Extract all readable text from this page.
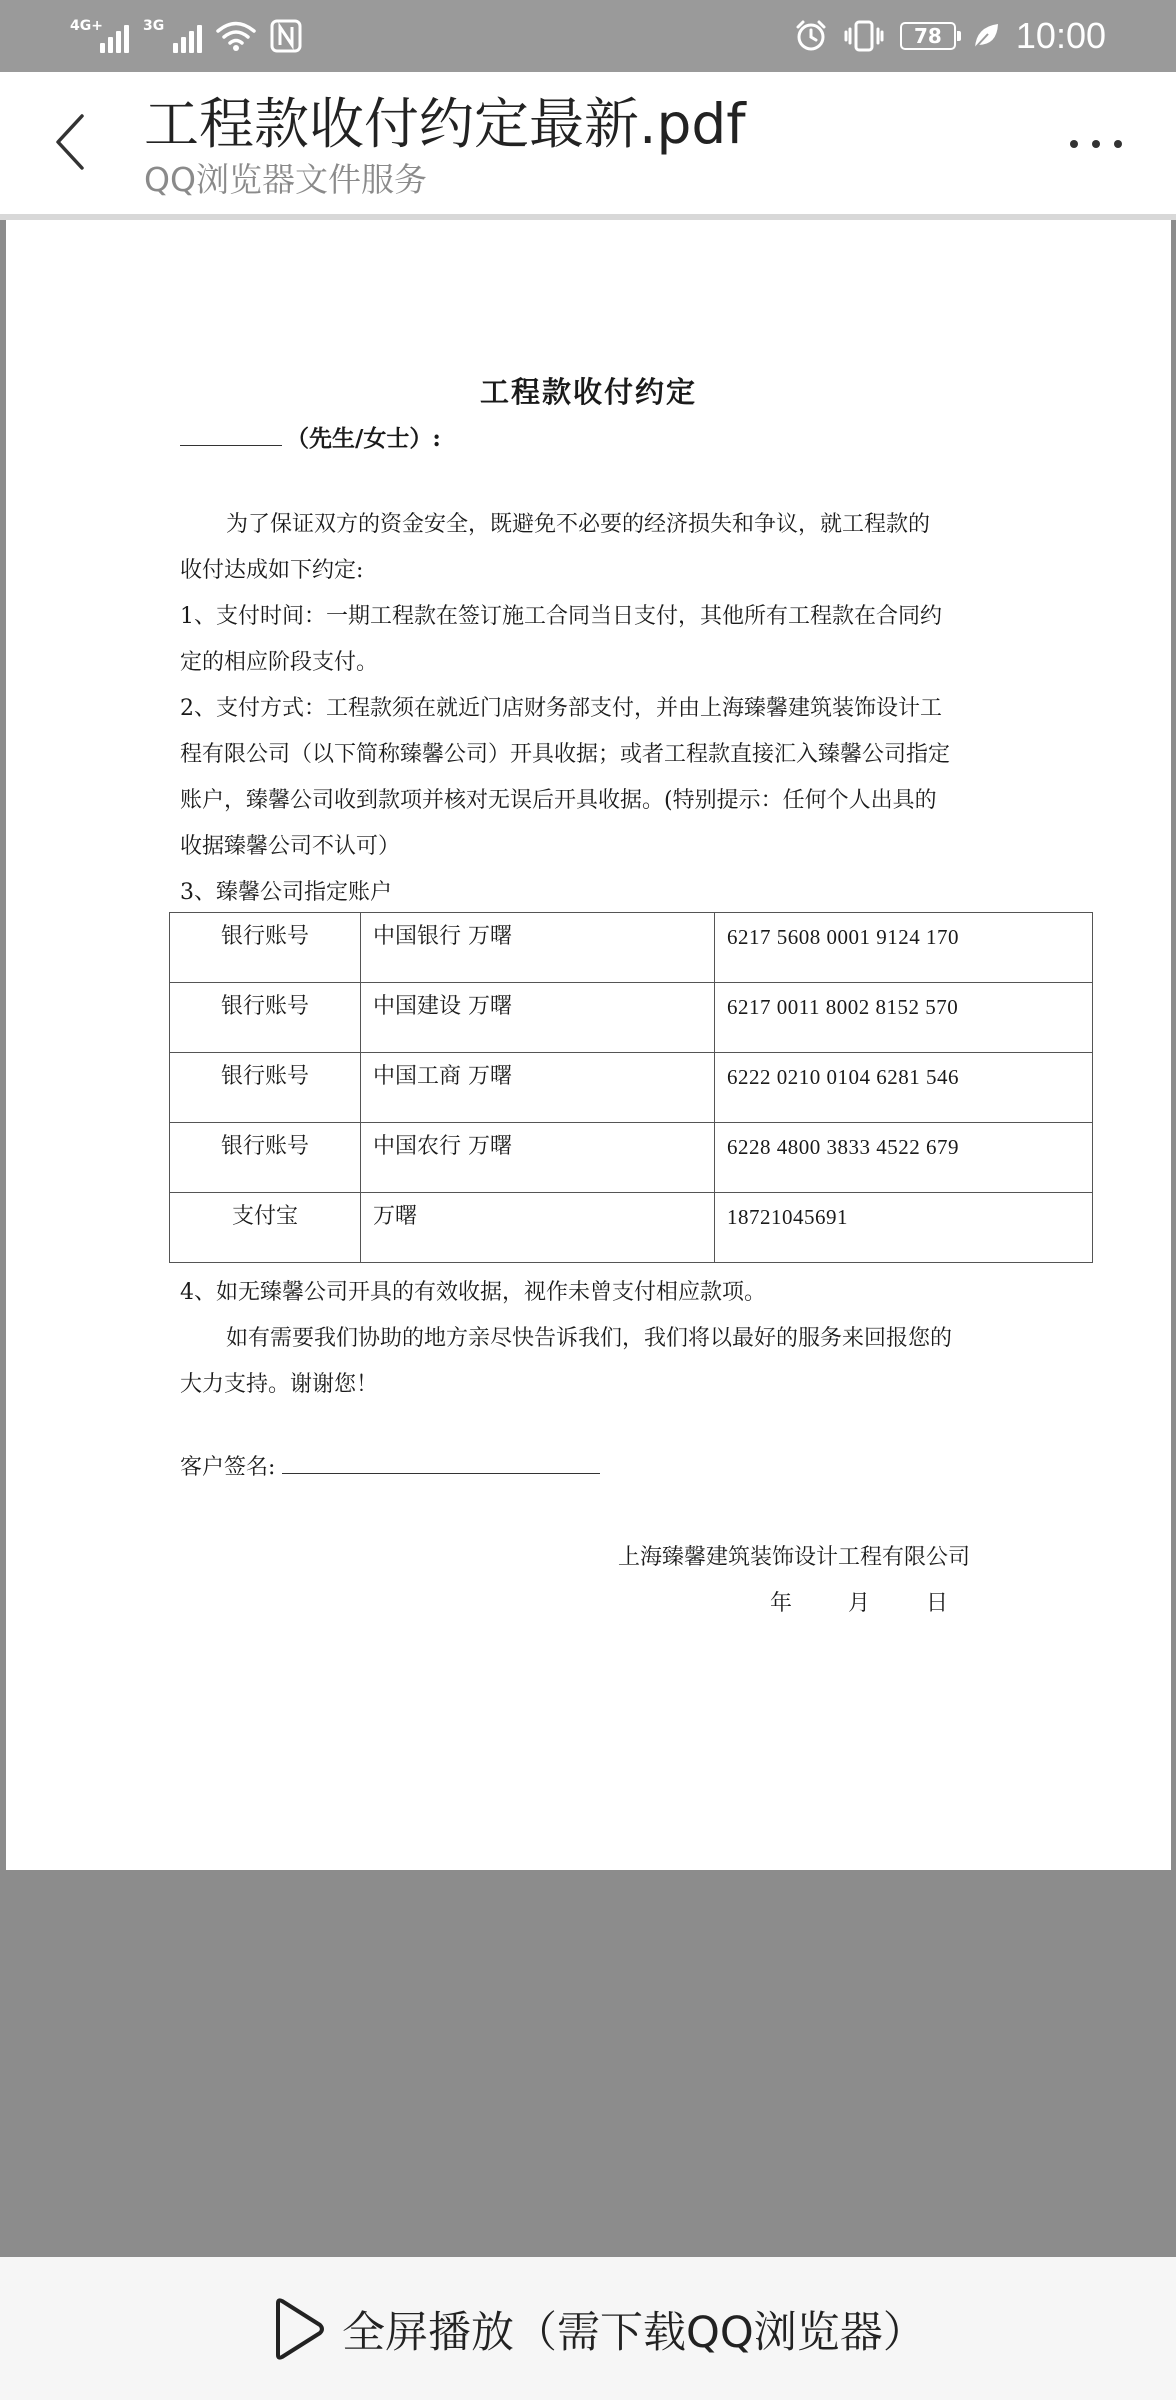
4G+	3G	78 10:00
工程款收付约定最新.pdf
QQ浏览器文件服务
工程款收付约定
（先生/女士）:
为了保证双方的资金安全，既避免不必要的经济损失和争议，就工程款的
收付达成如下约定:
1、支付时间：一期工程款在签订施工合同当日支付，其他所有工程款在合同约
定的相应阶段支付。
2、支付方式：工程款须在就近门店财务部支付，并由上海臻馨建筑装饰设计工
程有限公司（以下简称臻馨公司）开具收据；或者工程款直接汇入臻馨公司指定
账户，臻馨公司收到款项并核对无误后开具收据。(特别提示：任何个人出具的
收据臻馨公司不认可）
3、臻馨公司指定账户
银行账号	中国银行 万曙	6217 5608 0001 9124 170
银行账号	中国建设 万曙	6217 0011 8002 8152 570
银行账号	中国工商 万曙	6222 0210 0104 6281 546
银行账号	中国农行 万曙	6228 4800 3833 4522 679
支付宝	万曙	18721045691
4、如无臻馨公司开具的有效收据，视作未曾支付相应款项。
如有需要我们协助的地方亲尽快告诉我们，我们将以最好的服务来回报您的
大力支持。谢谢您！
客户签名:
上海臻馨建筑装饰设计工程有限公司
年	月	日
全屏播放（需下载QQ浏览器）
